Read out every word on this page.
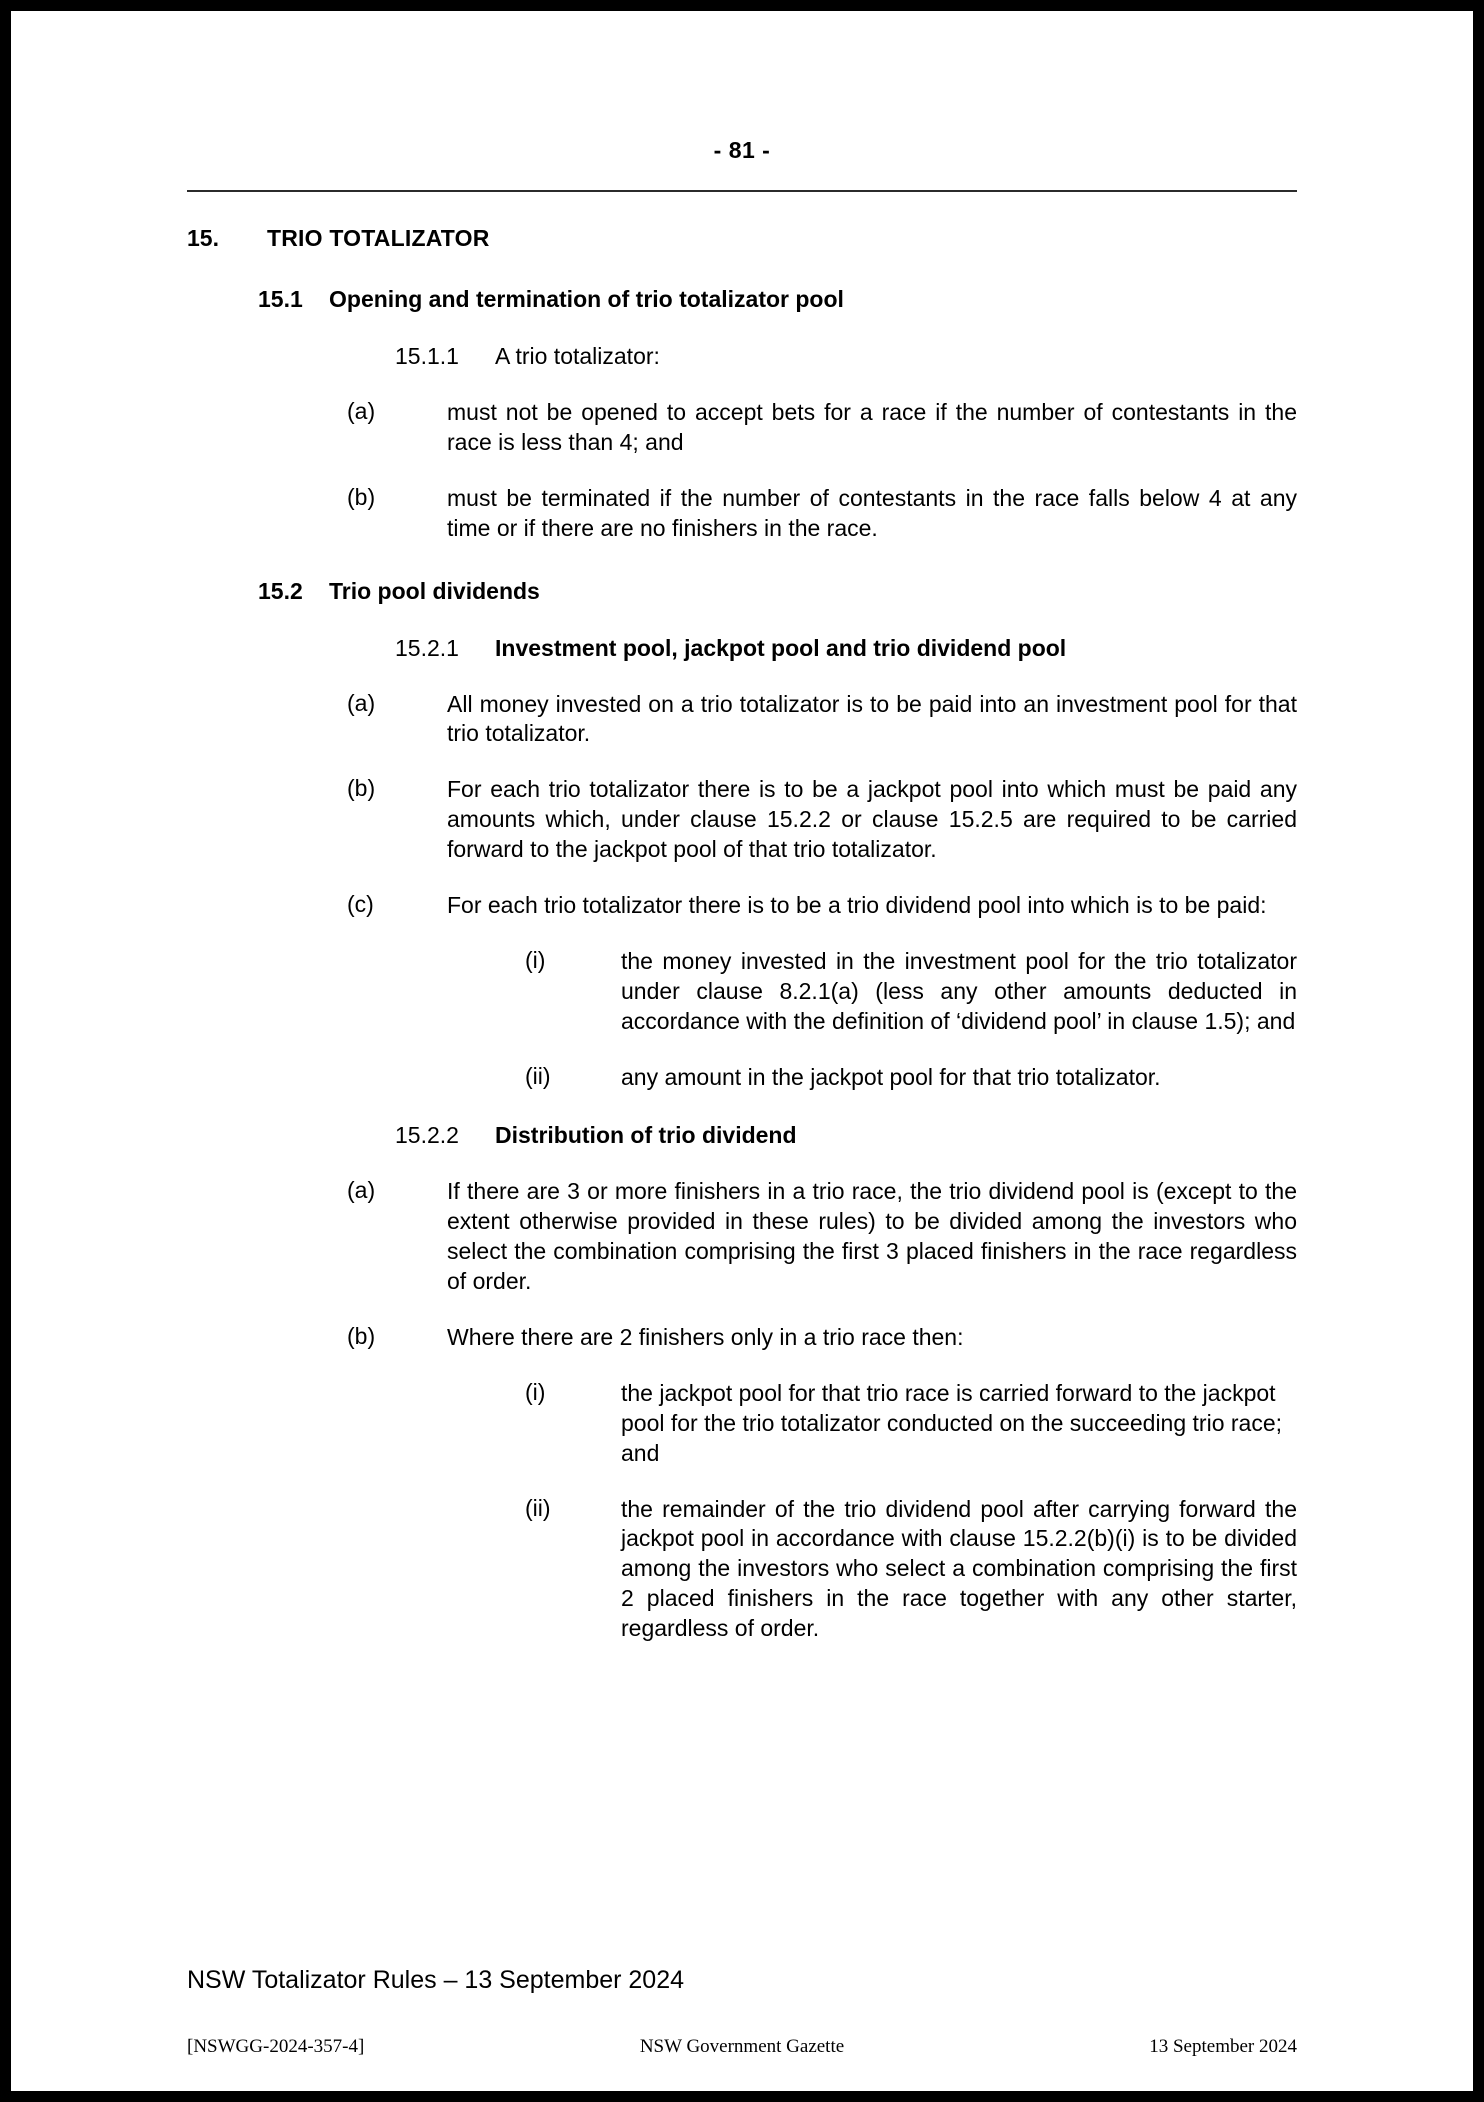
- 81 -
15.	TRIO TOTALIZATOR
15.1	Opening and termination of trio totalizator pool
15.1.1	A trio totalizator:
(a)	must not be opened to accept bets for a race if the number of contestants in the race is less than 4; and
(b)	must be terminated if the number of contestants in the race falls below 4 at any time or if there are no finishers in the race.
15.2	Trio pool dividends
15.2.1	Investment pool, jackpot pool and trio dividend pool
(a)	All money invested on a trio totalizator is to be paid into an investment pool for that trio totalizator.
(b)	For each trio totalizator there is to be a jackpot pool into which must be paid any amounts which, under clause 15.2.2 or clause 15.2.5 are required to be carried forward to the jackpot pool of that trio totalizator.
(c)	For each trio totalizator there is to be a trio dividend pool into which is to be paid:
(i)	the money invested in the investment pool for the trio totalizator under clause 8.2.1(a) (less any other amounts deducted in accordance with the definition of ‘dividend pool’ in clause 1.5); and
(ii)	any amount in the jackpot pool for that trio totalizator.
15.2.2	Distribution of trio dividend
(a)	If there are 3 or more finishers in a trio race, the trio dividend pool is (except to the extent otherwise provided in these rules) to be divided among the investors who select the combination comprising the first 3 placed finishers in the race regardless of order.
(b)	Where there are 2 finishers only in a trio race then:
(i)	the jackpot pool for that trio race is carried forward to the jackpot pool for the trio totalizator conducted on the succeeding trio race; and
(ii)	the remainder of the trio dividend pool after carrying forward the jackpot pool in accordance with clause 15.2.2(b)(i) is to be divided among the investors who select a combination comprising the first 2 placed finishers in the race together with any other starter, regardless of order.
NSW Totalizator Rules – 13 September 2024
[NSWGG-2024-357-4]	NSW Government Gazette	13 September 2024
